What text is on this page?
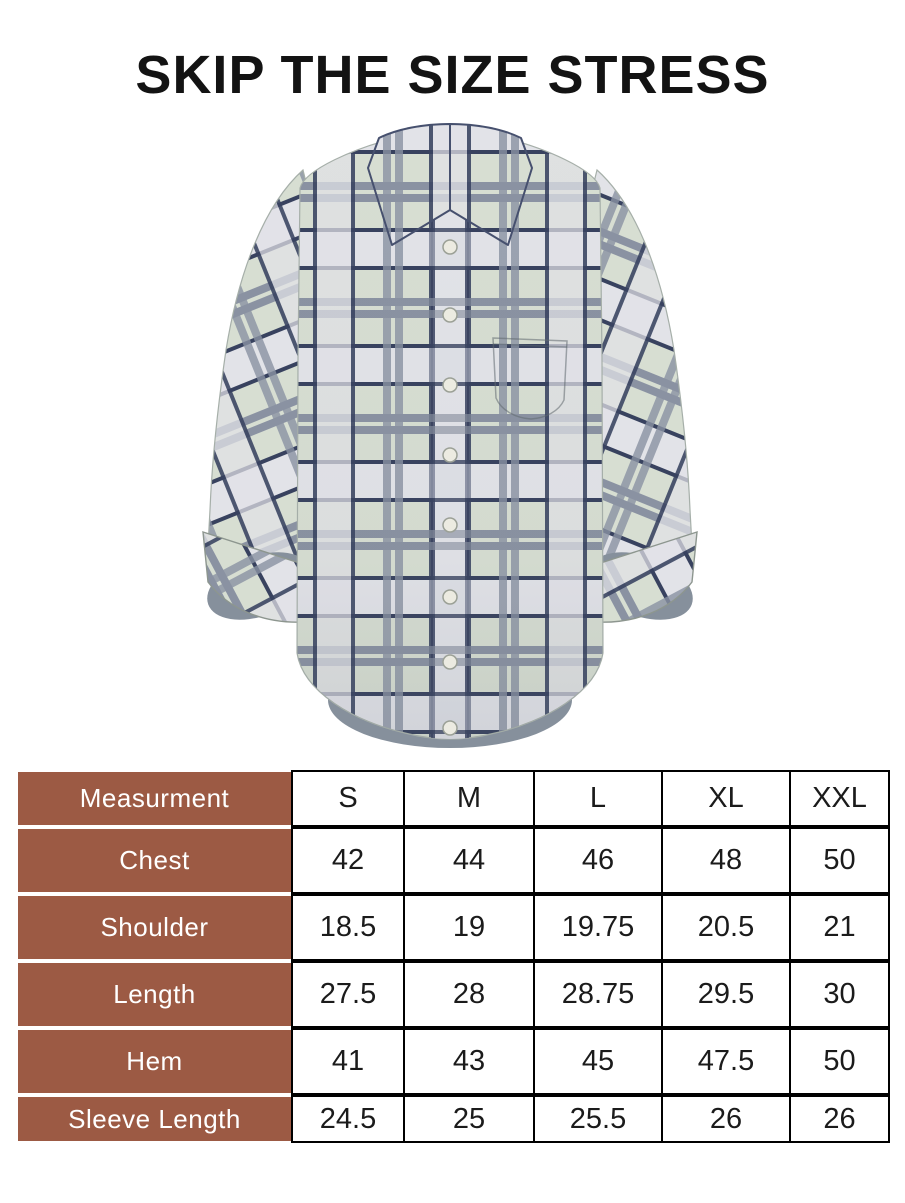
SKIP THE SIZE STRESS
Measurment	S	M	L	XL	XXL
Chest	42	44	46	48	50
Shoulder	18.5	19	19.75	20.5	21
Length	27.5	28	28.75	29.5	30
Hem	41	43	45	47.5	50
Sleeve Length	24.5	25	25.5	26	26
